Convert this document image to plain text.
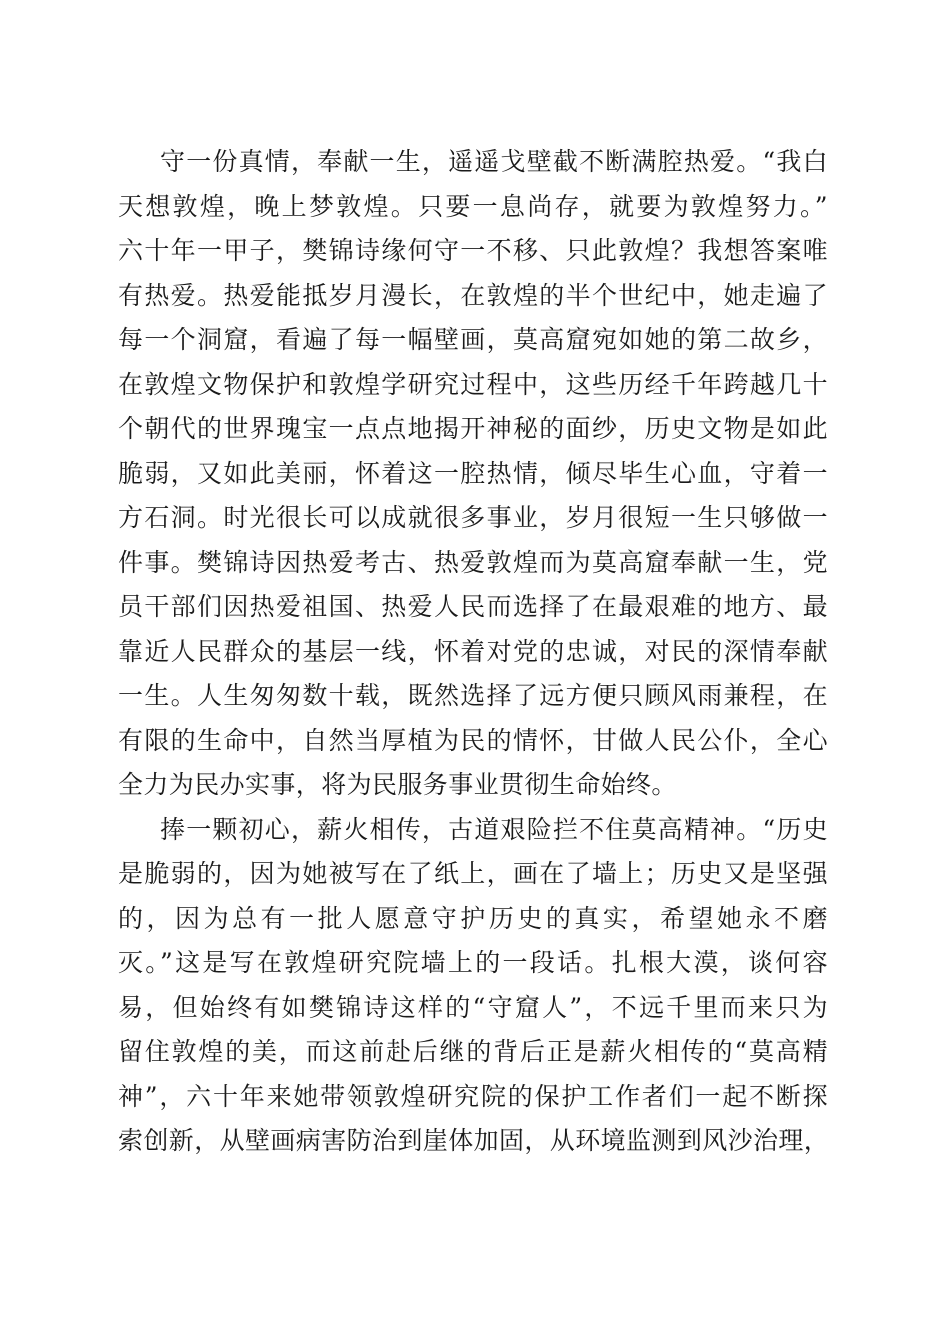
守一份真情，奉献一生，遥遥戈壁截不断满腔热爱。“我白
天想敦煌，晚上梦敦煌。只要一息尚存，就要为敦煌努力。”
六十年一甲子，樊锦诗缘何守一不移、只此敦煌？我想答案唯
有热爱。热爱能抵岁月漫长，在敦煌的半个世纪中，她走遍了
每一个洞窟，看遍了每一幅壁画，莫高窟宛如她的第二故乡，
在敦煌文物保护和敦煌学研究过程中，这些历经千年跨越几十
个朝代的世界瑰宝一点点地揭开神秘的面纱，历史文物是如此
脆弱，又如此美丽，怀着这一腔热情，倾尽毕生心血，守着一
方石洞。时光很长可以成就很多事业，岁月很短一生只够做一
件事。樊锦诗因热爱考古、热爱敦煌而为莫高窟奉献一生，党
员干部们因热爱祖国、热爱人民而选择了在最艰难的地方、最
靠近人民群众的基层一线，怀着对党的忠诚，对民的深情奉献
一生。人生匆匆数十载，既然选择了远方便只顾风雨兼程，在
有限的生命中，自然当厚植为民的情怀，甘做人民公仆，全心
全力为民办实事，将为民服务事业贯彻生命始终。
捧一颗初心，薪火相传，古道艰险拦不住莫高精神。“历史
是脆弱的，因为她被写在了纸上，画在了墙上；历史又是坚强
的，因为总有一批人愿意守护历史的真实，希望她永不磨
灭。”这是写在敦煌研究院墙上的一段话。扎根大漠，谈何容
易，但始终有如樊锦诗这样的“守窟人”，不远千里而来只为
留住敦煌的美，而这前赴后继的背后正是薪火相传的“莫高精
神”，六十年来她带领敦煌研究院的保护工作者们一起不断探
索创新，从壁画病害防治到崖体加固，从环境监测到风沙治理，
